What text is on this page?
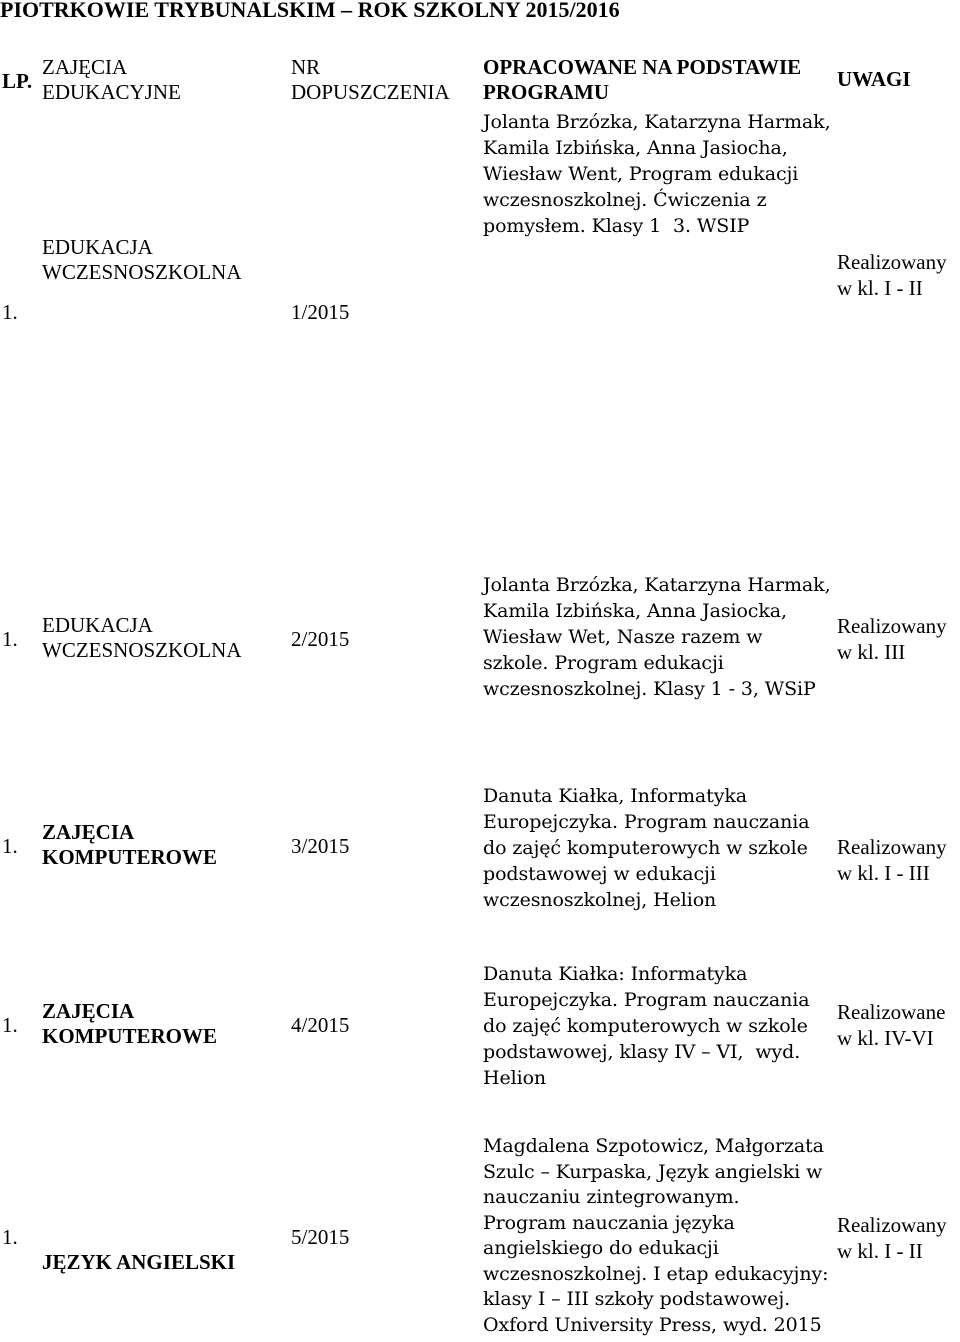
PIOTRKOWIE TRYBUNALSKIM – ROK SZKOLNY 2015/2016
LP.
ZAJĘCIA
EDUKACYJNE
NR
DOPUSZCZENIA
OPRACOWANE NA PODSTAWIE
PROGRAMU
UWAGI
1.
EDUKACJA
WCZESNOSZKOLNA
1/2015
Jolanta Brzózka, Katarzyna Harmak,
Kamila Izbińska, Anna Jasiocha,
Wiesław Went, Program edukacji
wczesnoszkolnej. Ćwiczenia z
pomysłem. Klasy 1  3. WSIP
Realizowany
w kl. I - II
1.
EDUKACJA
WCZESNOSZKOLNA 2/2015
Jolanta Brzózka, Katarzyna Harmak,
Kamila Izbińska, Anna Jasiocka,
Wiesław Wet, Nasze razem w
szkole. Program edukacji
wczesnoszkolnej. Klasy 1 - 3, WSiP
Realizowany
w kl. III
1.
ZAJĘCIA
KOMPUTEROWE	3/2015
Danuta Kiałka, Informatyka
Europejczyka. Program nauczania
do zajęć komputerowych w szkole
podstawowej w edukacji
wczesnoszkolnej, Helion
Realizowany
w kl. I - III
1.
ZAJĘCIA
KOMPUTEROWE	4/2015
Danuta Kiałka: Informatyka
Europejczyka. Program nauczania
do zajęć komputerowych w szkole
podstawowej, klasy IV – VI,  wyd.
Helion
Realizowane
w kl. IV-VI
1.
JĘZYK ANGIELSKI
5/2015
Magdalena Szpotowicz, Małgorzata
Szulc – Kurpaska, Język angielski w
nauczaniu zintegrowanym.
Program nauczania języka
angielskiego do edukacji
wczesnoszkolnej. I etap edukacyjny:
klasy I – III szkoły podstawowej.
Oxford University Press, wyd. 2015
Realizowany
w kl. I - II
